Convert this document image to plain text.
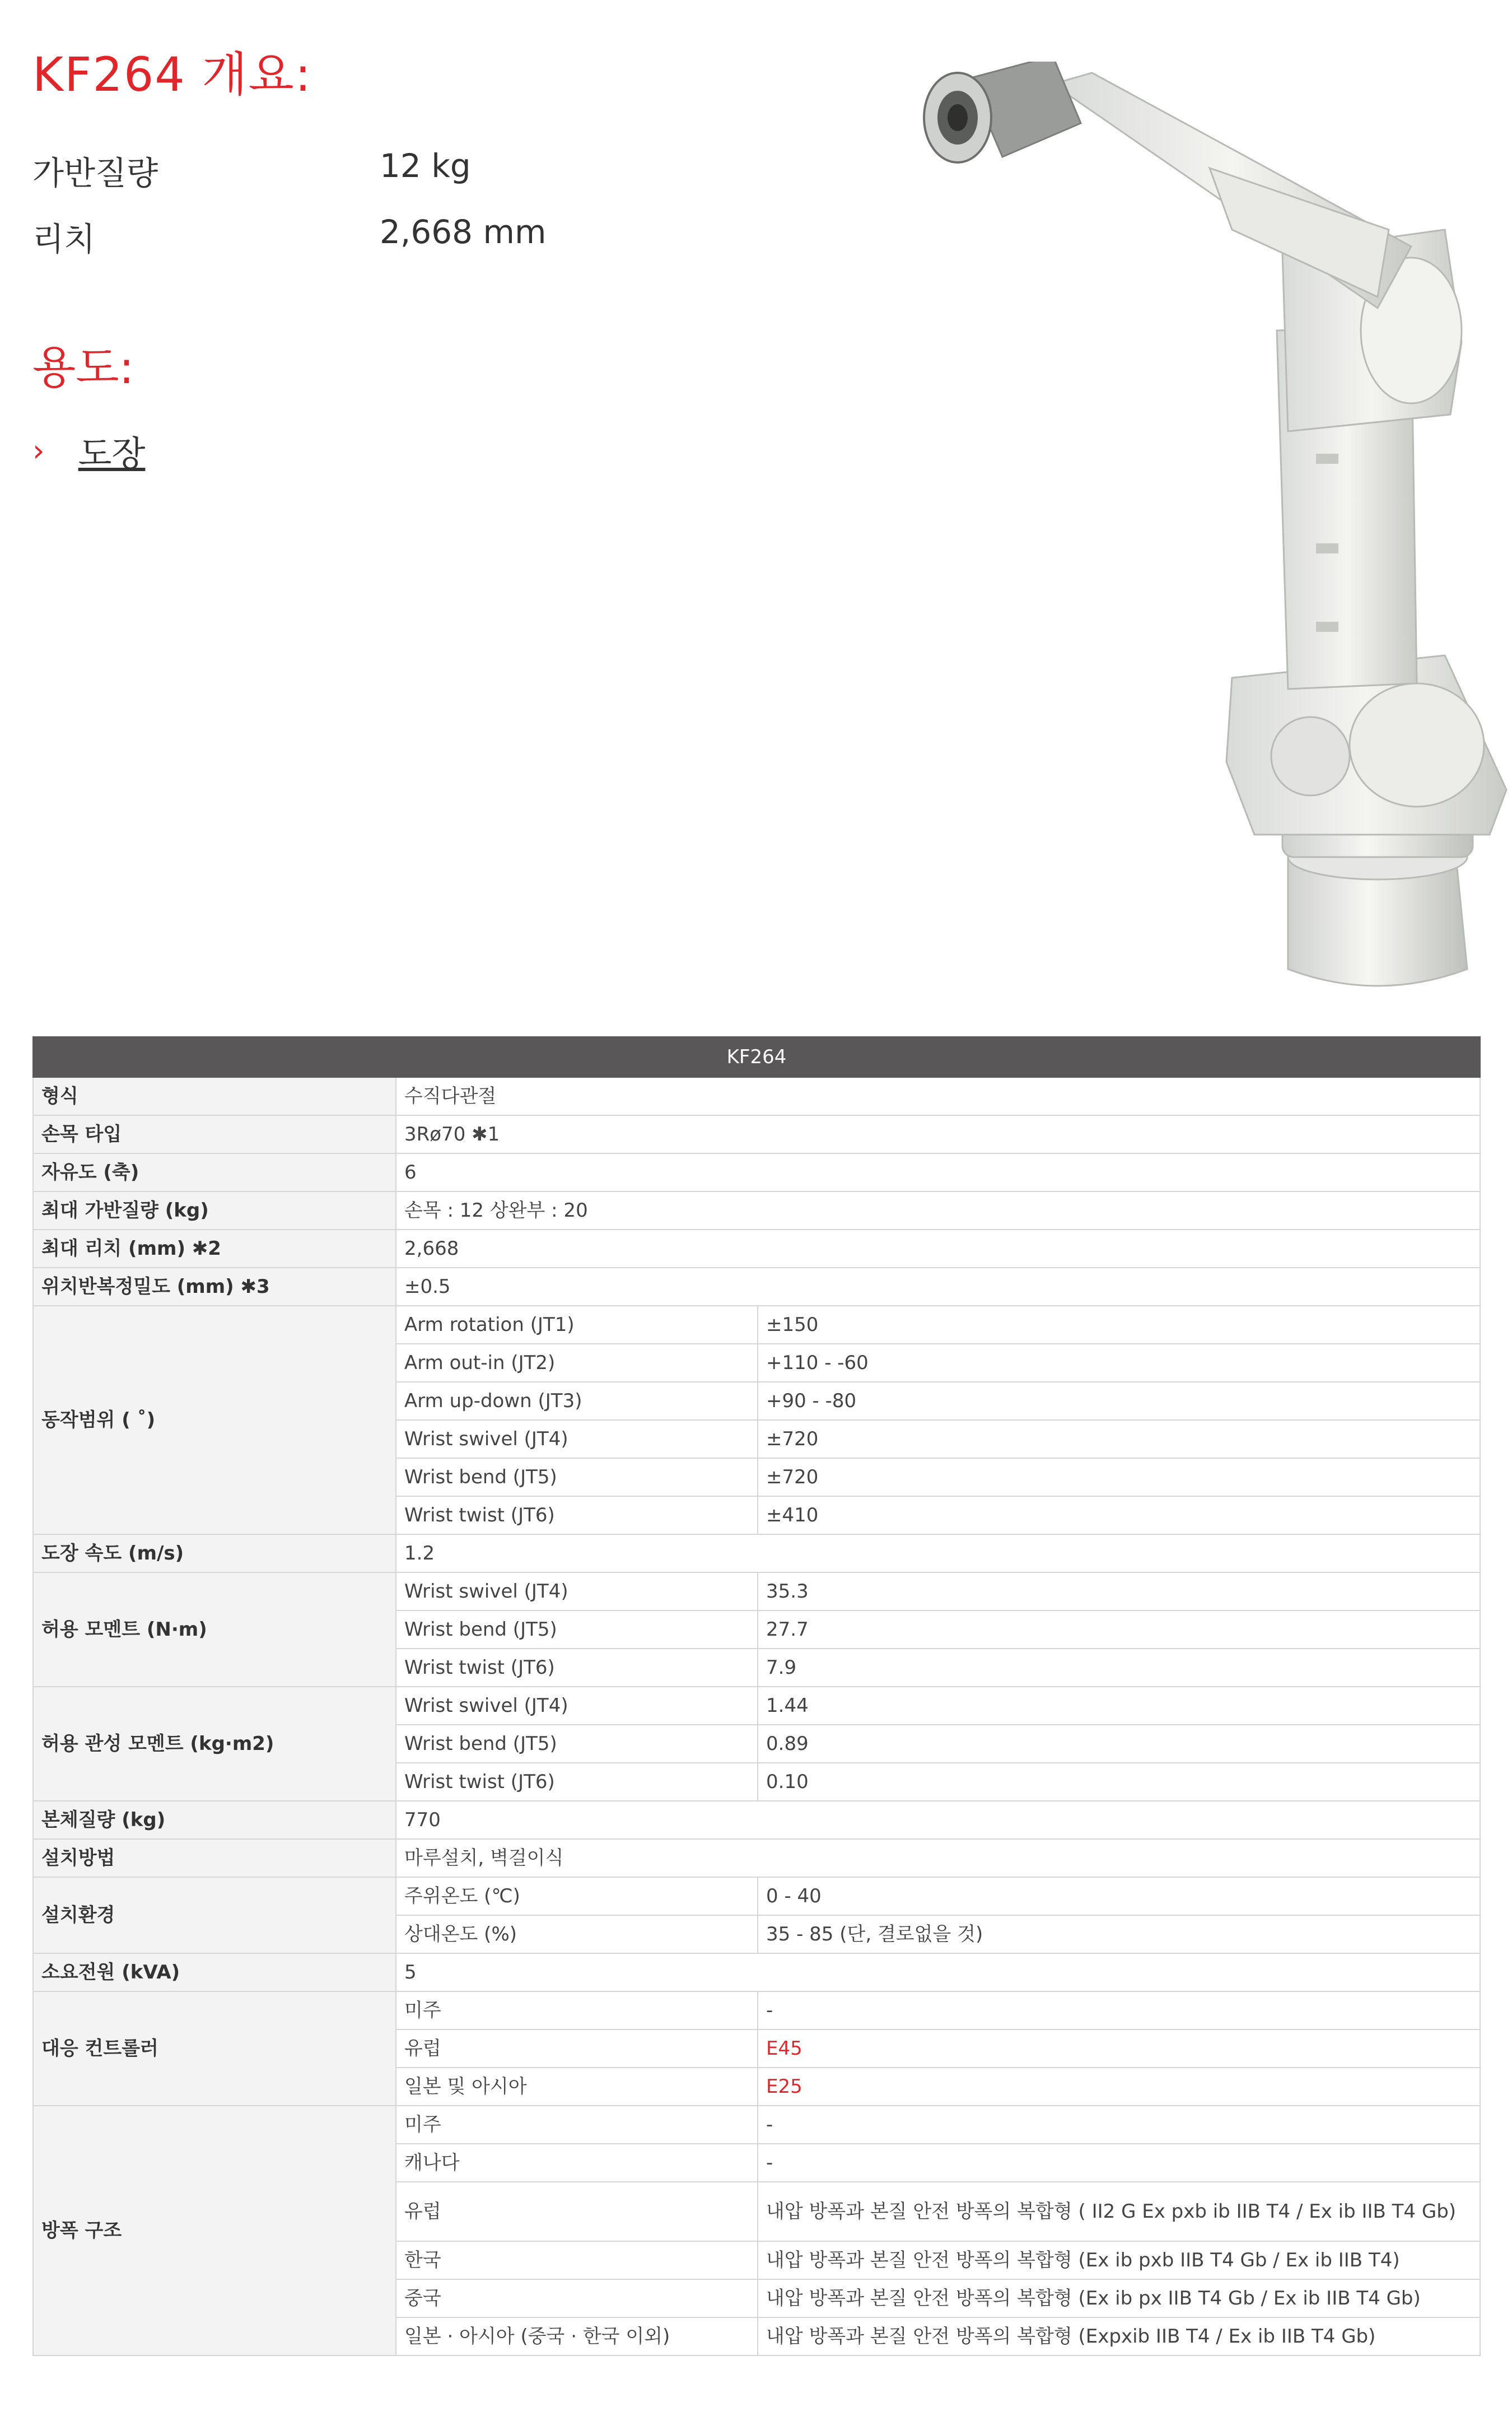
KF264 개요:
가반질량	12 kg
리치	2,668 mm
용도:
› 도장
KF264		
형식	수직다관절	
손목 타입	3Rø70 ✱1	
자유도 (축)	6	
최대 가반질량 (kg)	손목 : 12 상완부 : 20	
최대 리치 (mm) ✱2	2,668	
위치반복정밀도 (mm) ✱3	±0.5	
동작범위 ( ˚)	Arm rotation (JT1)	±150
	Arm out-in (JT2)	+110 - -60
	Arm up-down (JT3)	+90 - -80
	Wrist swivel (JT4)	±720
	Wrist bend (JT5)	±720
	Wrist twist (JT6)	±410
도장 속도 (m/s)	1.2	
허용 모멘트 (N·m)	Wrist swivel (JT4)	35.3
	Wrist bend (JT5)	27.7
	Wrist twist (JT6)	7.9
허용 관성 모멘트 (kg·m2)	Wrist swivel (JT4)	1.44
	Wrist bend (JT5)	0.89
	Wrist twist (JT6)	0.10
본체질량 (kg)	770	
설치방법	마루설치, 벽걸이식	
설치환경	주위온도 (℃)	0 - 40
	상대온도 (%)	35 - 85 (단, 결로없을 것)
소요전원 (kVA)	5	
대응 컨트롤러	미주	-
	유럽	E45
	일본 및 아시아	E25
방폭 구조	미주	-
	캐나다	-
	유럽	내압 방폭과 본질 안전 방폭의 복합형 ( II2 G Ex pxb ib IIB T4 / Ex ib IIB T4 Gb)
	한국	내압 방폭과 본질 안전 방폭의 복합형 (Ex ib pxb IIB T4 Gb / Ex ib IIB T4)
	중국	내압 방폭과 본질 안전 방폭의 복합형 (Ex ib px IIB T4 Gb / Ex ib IIB T4 Gb)
	일본 · 아시아 (중국 · 한국 이외)	내압 방폭과 본질 안전 방폭의 복합형 (Expxib IIB T4 / Ex ib IIB T4 Gb)
